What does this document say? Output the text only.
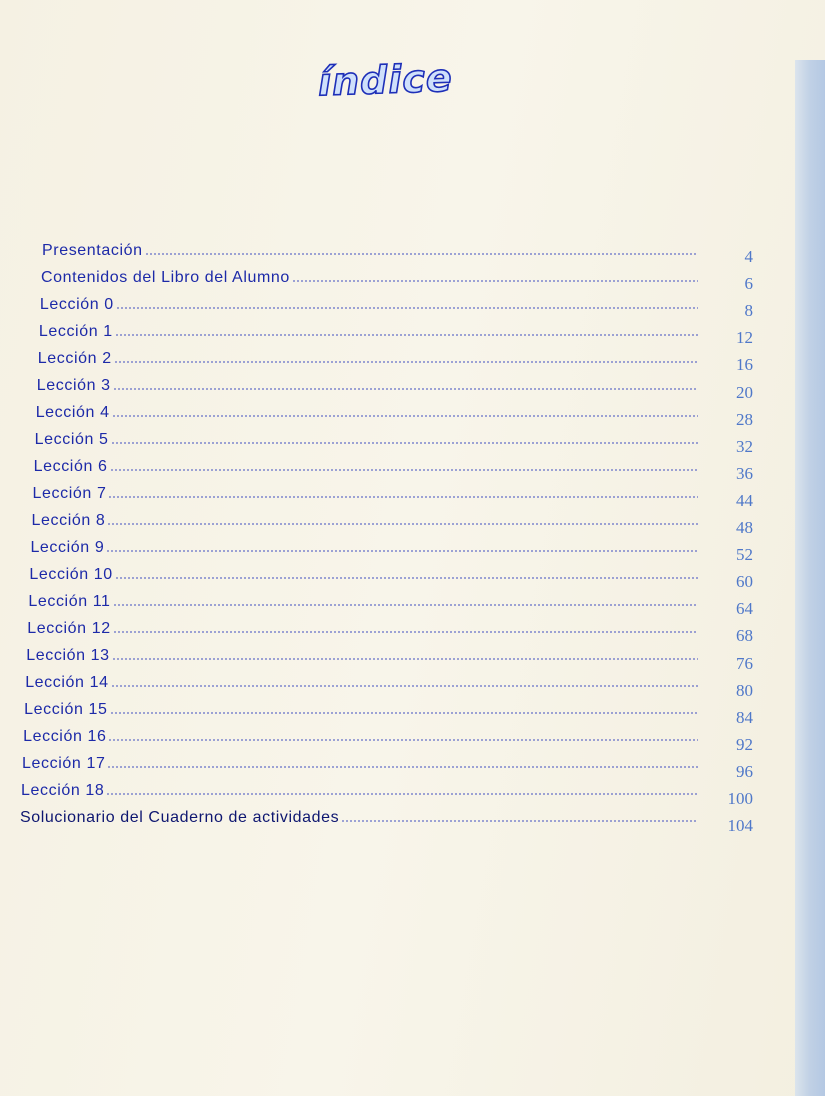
índice
Presentación	4
Contenidos del Libro del Alumno	6
Lección 0	8
Lección 1	12
Lección 2	16
Lección 3	20
Lección 4	28
Lección 5	32
Lección 6	36
Lección 7	44
Lección 8	48
Lección 9	52
Lección 10	60
Lección 11	64
Lección 12	68
Lección 13	76
Lección 14	80
Lección 15	84
Lección 16	92
Lección 17	96
Lección 18	100
Solucionario del Cuaderno de actividades	104
